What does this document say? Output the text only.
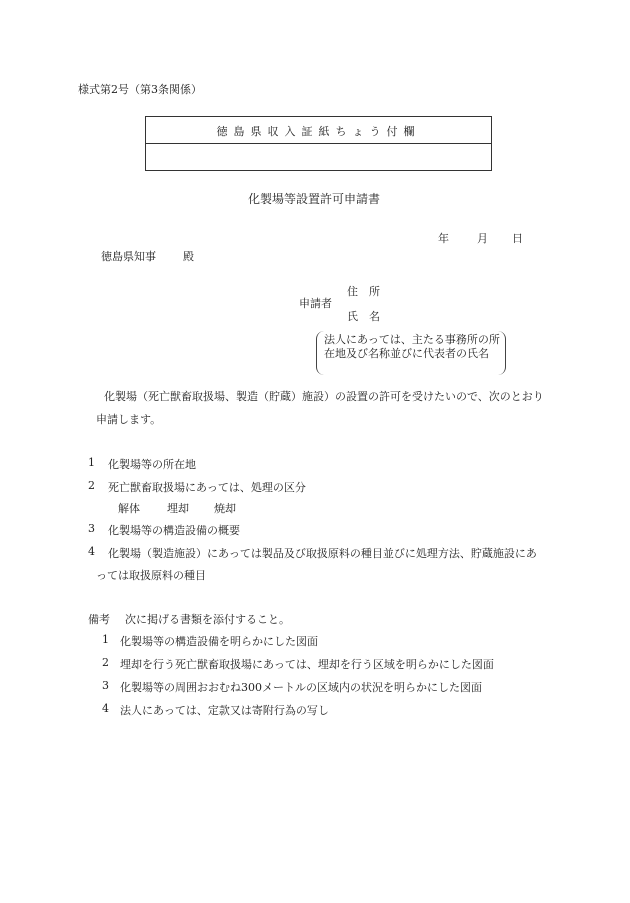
様式第2号（第3条関係）
徳島県収入証紙ちょう付欄
化製場等設置許可申請書
年	月 日
徳島県知事 殿
住　所
申請者
氏　名
法人にあっては、主たる事務所の所在地及び名称並びに代表者の氏名
化製場（死亡獣畜取扱場、製造（貯蔵）施設）の設置の許可を受けたいので、次のとおり
申請します。
1 化製場等の所在地
2 死亡獣畜取扱場にあっては、処理の区分
解体 埋却 焼却
3 化製場等の構造設備の概要
4 化製場（製造施設）にあっては製品及び取扱原料の種目並びに処理方法、貯蔵施設にあ
っては取扱原料の種目
備考 次に掲げる書類を添付すること。
1 化製場等の構造設備を明らかにした図面
2 埋却を行う死亡獣畜取扱場にあっては、埋却を行う区域を明らかにした図面
3 化製場等の周囲おおむね300メートルの区域内の状況を明らかにした図面
4 法人にあっては、定款又は寄附行為の写し
